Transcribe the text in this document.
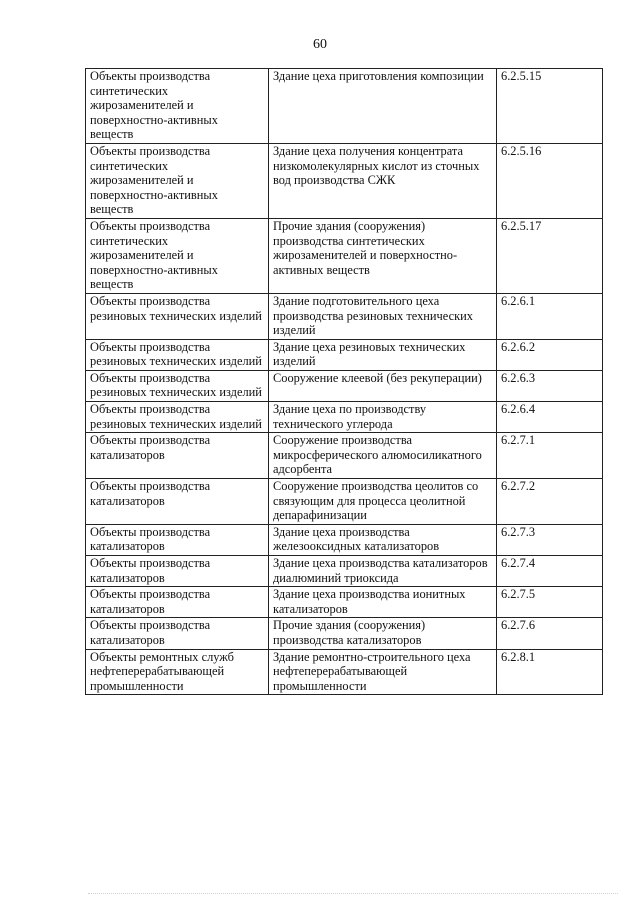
60
Объекты производства синтетических жирозаменителей и поверхностно-активных веществ	Здание цеха приготовления композиции	6.2.5.15
Объекты производства синтетических жирозаменителей и поверхностно-активных веществ	Здание цеха получения концентрата низкомолекулярных кислот из сточных вод производства СЖК	6.2.5.16
Объекты производства синтетических жирозаменителей и поверхностно-активных веществ	Прочие здания (сооружения) производства синтетических жирозаменителей и поверхностно-активных веществ	6.2.5.17
Объекты производства резиновых технических изделий	Здание подготовительного цеха производства резиновых технических изделий	6.2.6.1
Объекты производства резиновых технических изделий	Здание цеха резиновых технических изделий	6.2.6.2
Объекты производства резиновых технических изделий	Сооружение клеевой (без рекуперации)	6.2.6.3
Объекты производства резиновых технических изделий	Здание цеха по производству технического углерода	6.2.6.4
Объекты производства катализаторов	Сооружение производства микросферического алюмосиликатного адсорбента	6.2.7.1
Объекты производства катализаторов	Сооружение производства цеолитов со связующим для процесса цеолитной депарафинизации	6.2.7.2
Объекты производства катализаторов	Здание цеха производства железооксидных катализаторов	6.2.7.3
Объекты производства катализаторов	Здание цеха производства катализаторов диалюминий триоксида	6.2.7.4
Объекты производства катализаторов	Здание цеха производства ионитных катализаторов	6.2.7.5
Объекты производства катализаторов	Прочие здания (сооружения) производства катализаторов	6.2.7.6
Объекты ремонтных служб нефтеперерабатывающей промышленности	Здание ремонтно-строительного цеха нефтеперерабатывающей промышленности	6.2.8.1
